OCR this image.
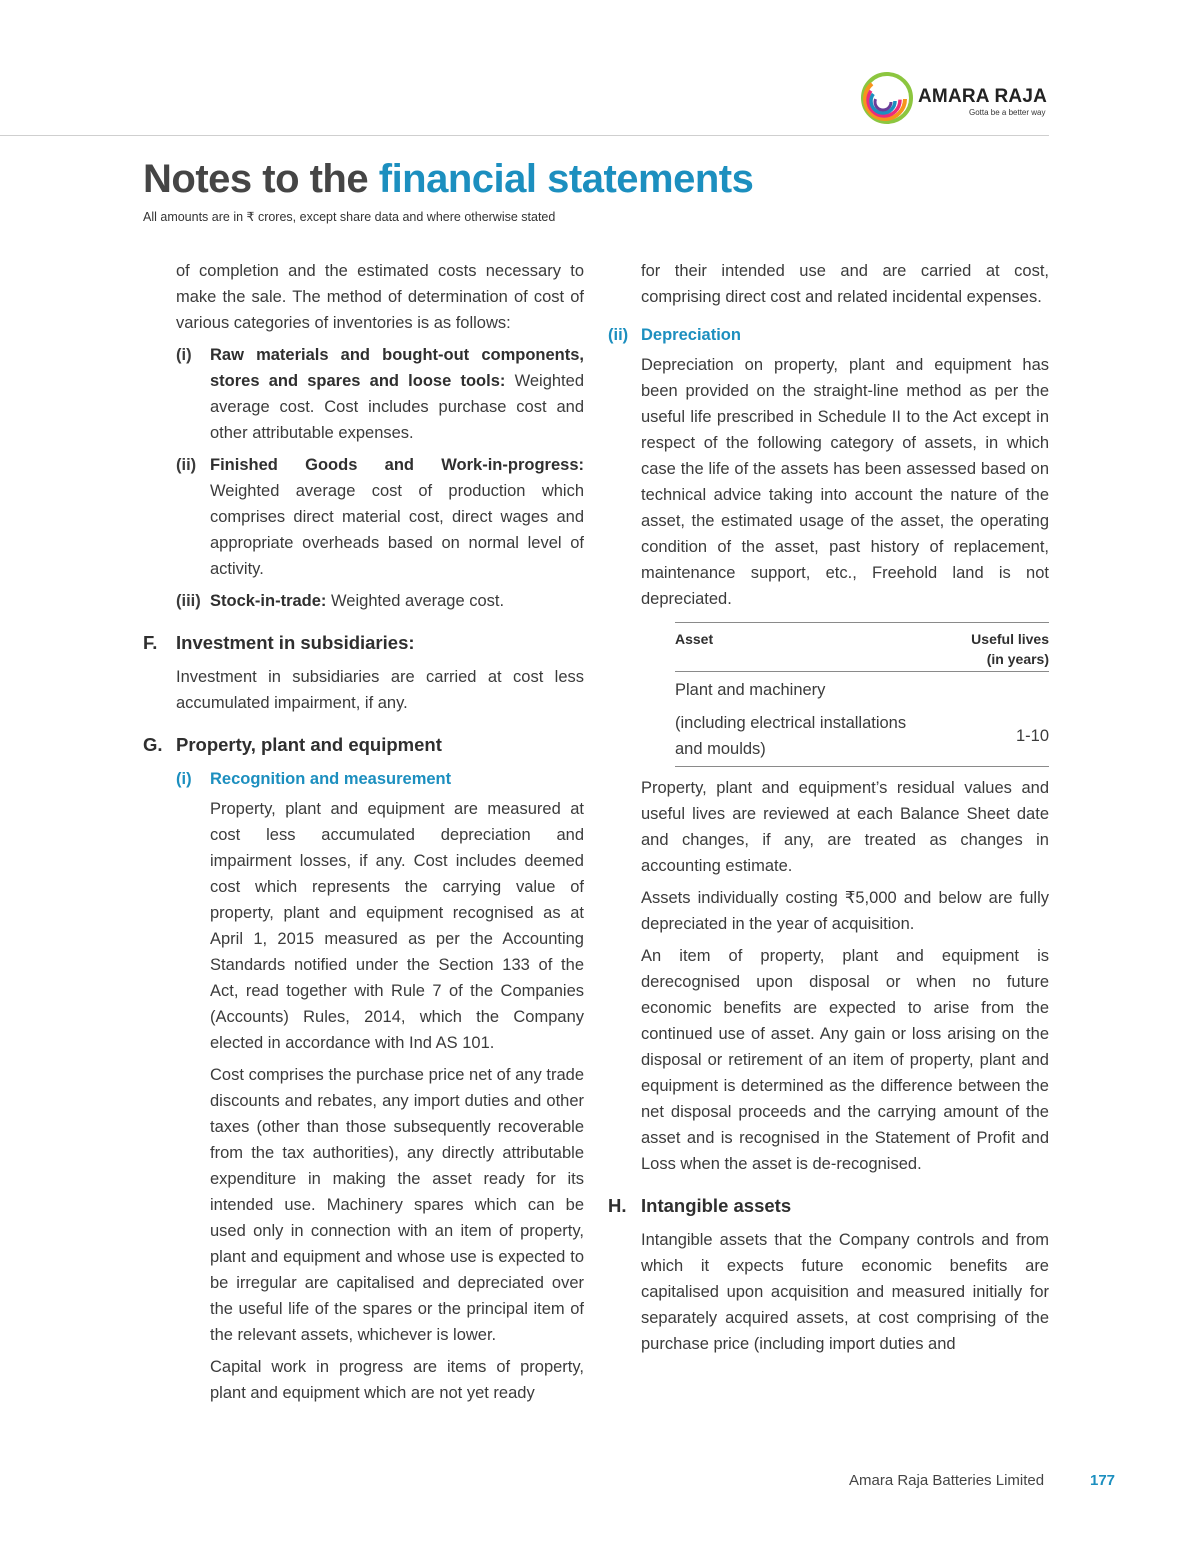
AMARA RAJA
Gotta be a better way
Notes to the financial statements
All amounts are in ₹ crores, except share data and where otherwise stated

of completion and the estimated costs necessary to make the sale. The method of determination of cost of various categories of inventories is as follows:

(i) Raw materials and bought-out components, stores and spares and loose tools: Weighted average cost. Cost includes purchase cost and other attributable expenses.

(ii) Finished Goods and Work-in-progress: Weighted average cost of production which comprises direct material cost, direct wages and appropriate overheads based on normal level of activity.

(iii) Stock-in-trade: Weighted average cost.

F. Investment in subsidiaries:

Investment in subsidiaries are carried at cost less accumulated impairment, if any.

G. Property, plant and equipment
(i) Recognition and measurement

Property, plant and equipment are measured at cost less accumulated depreciation and impairment losses, if any. Cost includes deemed cost which represents the carrying value of property, plant and equipment recognised as at April 1, 2015 measured as per the Accounting Standards notified under the Section 133 of the Act, read together with Rule 7 of the Companies (Accounts) Rules, 2014, which the Company elected in accordance with Ind AS 101.

Cost comprises the purchase price net of any trade discounts and rebates, any import duties and other taxes (other than those subsequently recoverable from the tax authorities), any directly attributable expenditure in making the asset ready for its intended use. Machinery spares which can be used only in connection with an item of property, plant and equipment and whose use is expected to be irregular are capitalised and depreciated over the useful life of the spares or the principal item of the relevant assets, whichever is lower.

Capital work in progress are items of property, plant and equipment which are not yet ready

for their intended use and are carried at cost, comprising direct cost and related incidental expenses.

(ii) Depreciation

Depreciation on property, plant and equipment has been provided on the straight-line method as per the useful life prescribed in Schedule II to the Act except in respect of the following category of assets, in which case the life of the assets has been assessed based on technical advice taking into account the nature of the asset, the estimated usage of the asset, the operating condition of the asset, past history of replacement, maintenance support, etc., Freehold land is not depreciated.

Asset	Useful lives
(in years)
Plant and machinery	
(including electrical installations
and moulds)	1-10

Property, plant and equipment’s residual values and useful lives are reviewed at each Balance Sheet date and changes, if any, are treated as changes in accounting estimate.

Assets individually costing ₹5,000 and below are fully depreciated in the year of acquisition.

An item of property, plant and equipment is derecognised upon disposal or when no future economic benefits are expected to arise from the continued use of asset. Any gain or loss arising on the disposal or retirement of an item of property, plant and equipment is determined as the difference between the net disposal proceeds and the carrying amount of the asset and is recognised in the Statement of Profit and Loss when the asset is de-recognised.

H. Intangible assets

Intangible assets that the Company controls and from which it expects future economic benefits are capitalised upon acquisition and measured initially for separately acquired assets, at cost comprising of the purchase price (including import duties and

Amara Raja Batteries Limited	177
